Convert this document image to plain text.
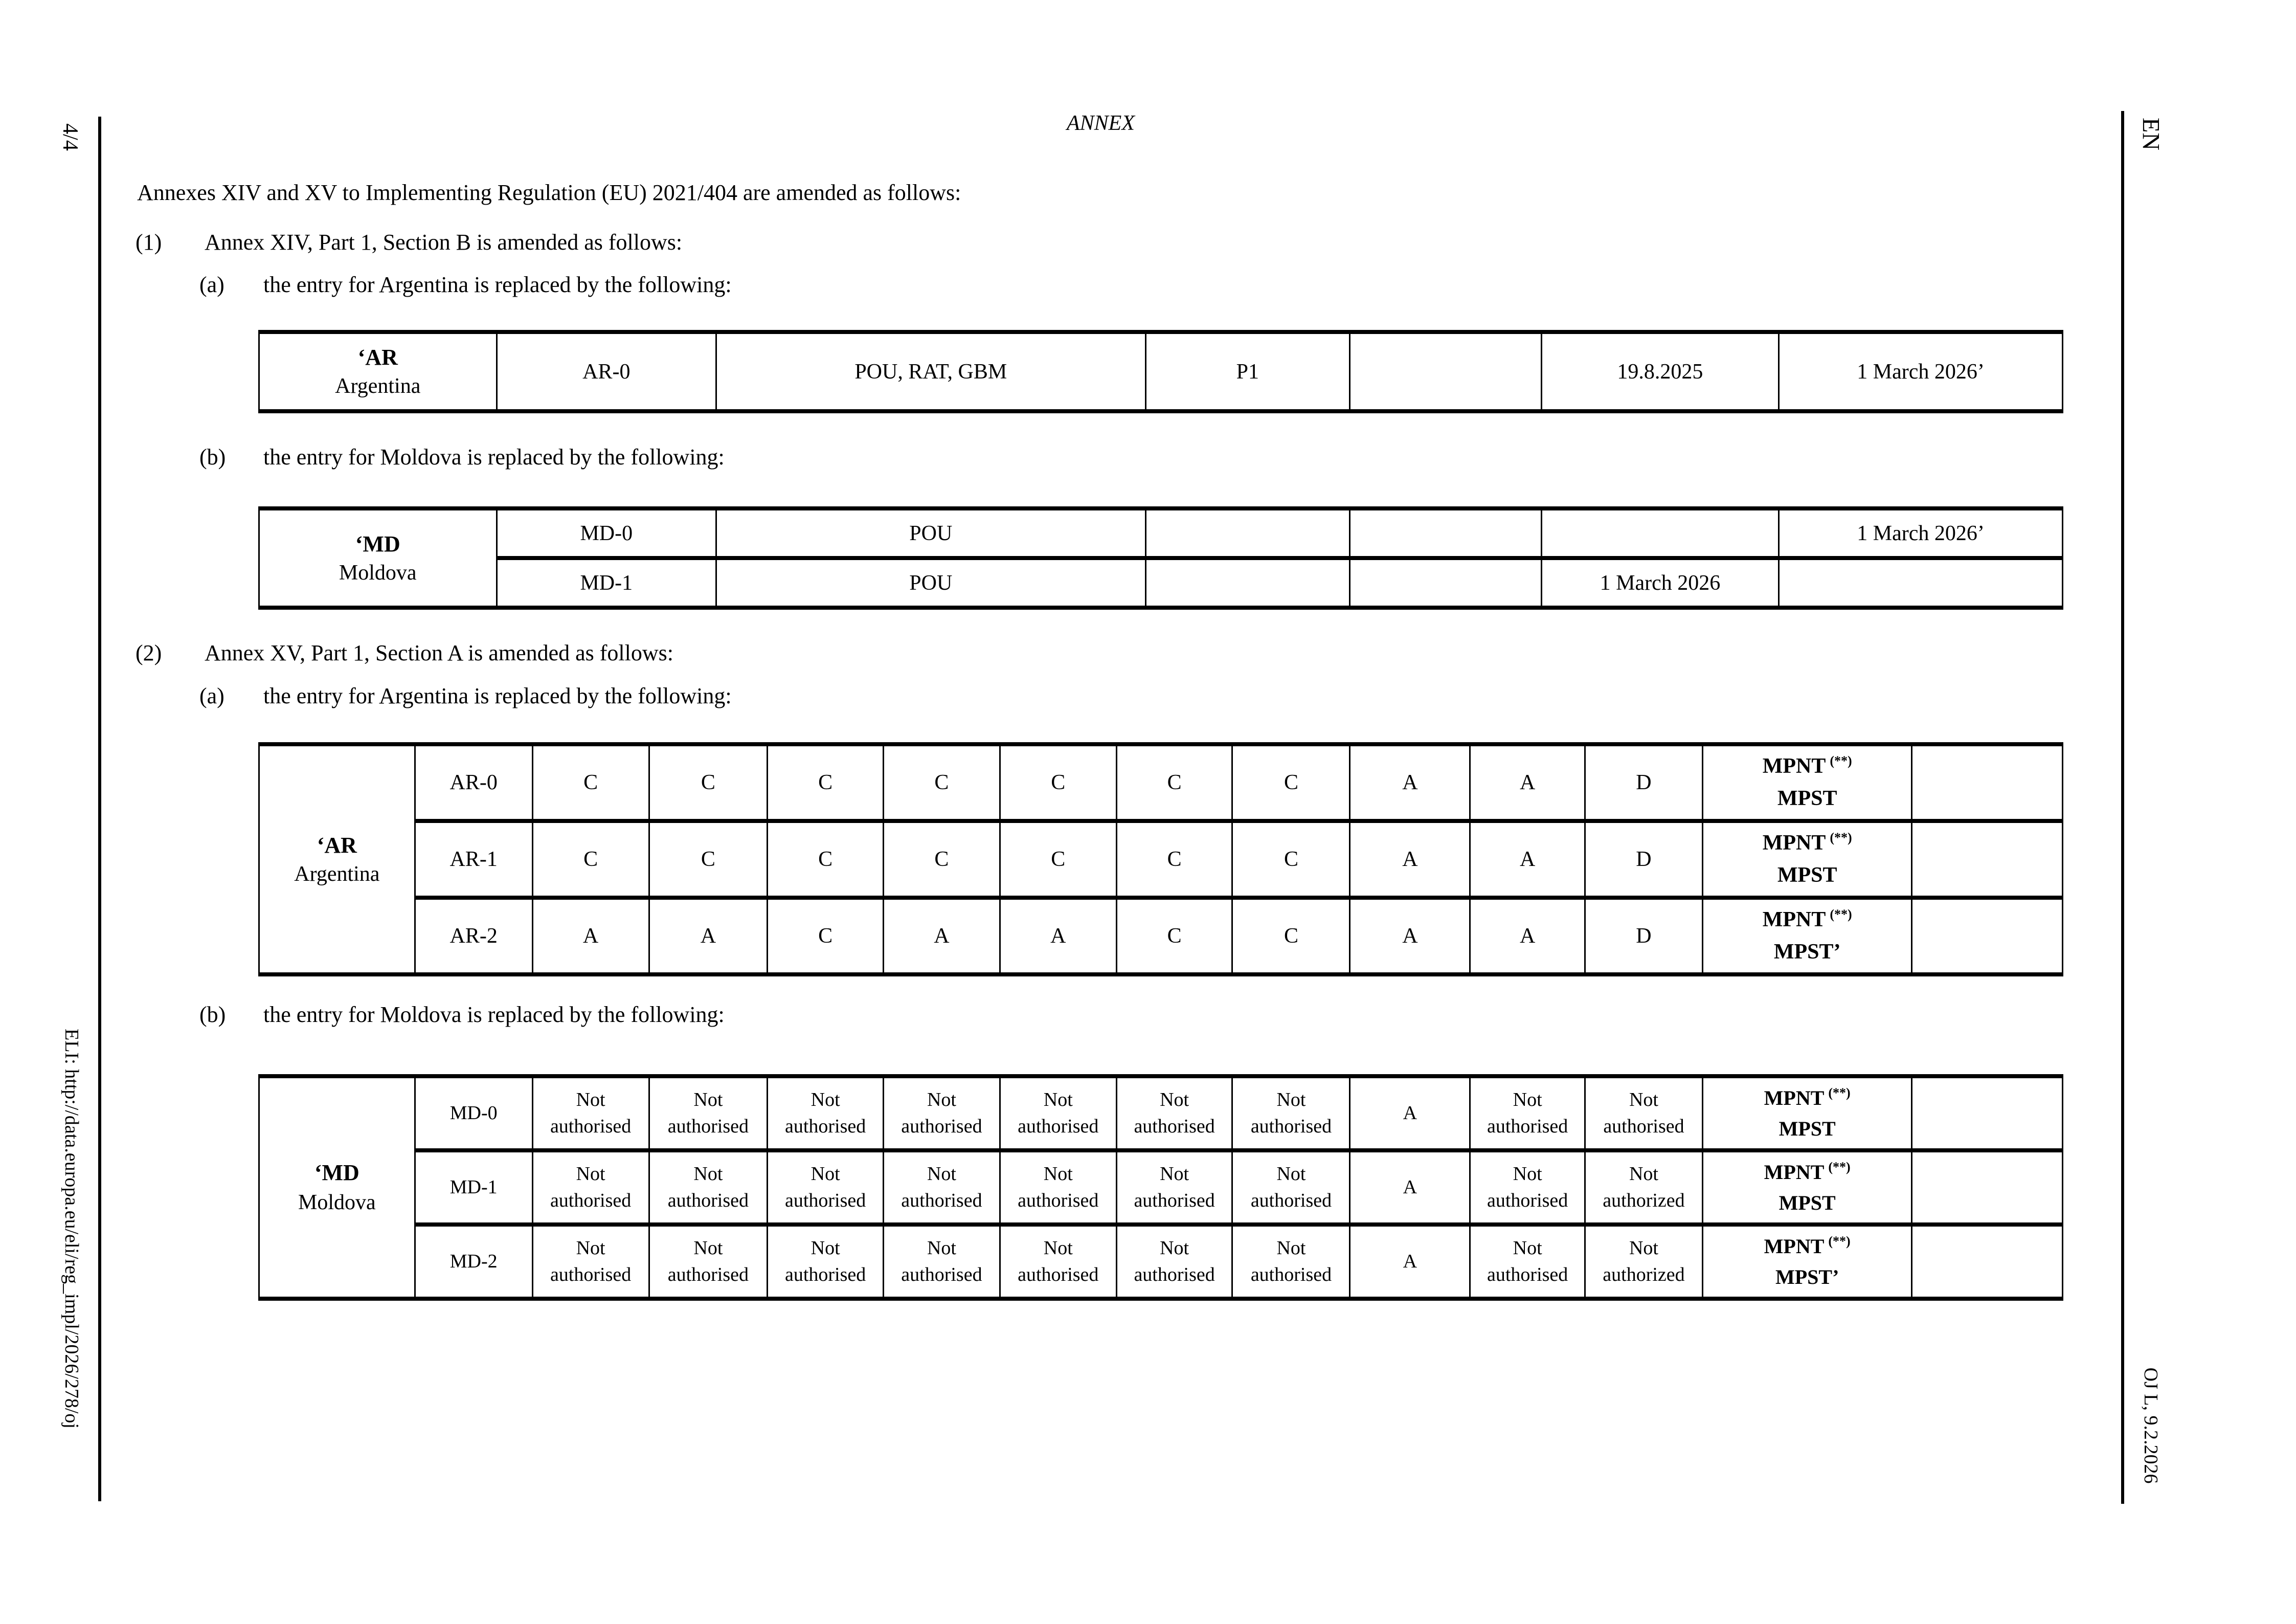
4/4	EN
ELI: http://data.europa.eu/eli/reg_impl/2026/278/oj	OJ L, 9.2.2026
ANNEX
Annexes XIV and XV to Implementing Regulation (EU) 2021/404 are amended as follows:
(1) Annex XIV, Part 1, Section B is amended as follows:
(a) the entry for Argentina is replaced by the following:
‘AR
Argentina	AR-0	POU, RAT, GBM	P1		19.8.2025	1 March 2026’
(b) the entry for Moldova is replaced by the following:
‘MD
Moldova	MD-0	POU				1 March 2026’
	MD-1	POU			1 March 2026	
(2) Annex XV, Part 1, Section A is amended as follows:
(a) the entry for Argentina is replaced by the following:
‘AR
Argentina	AR-0	C	C	C	C	C	C	C	A	A	D	MPNT (**)
MPST	
	AR-1	C	C	C	C	C	C	C	A	A	D	MPNT (**)
MPST	
	AR-2	A	A	C	A	A	C	C	A	A	D	MPNT (**)
MPST’	
(b) the entry for Moldova is replaced by the following:
‘MD
Moldova	MD-0	Not authorised	Not authorised	Not authorised	Not authorised	Not authorised	Not authorised	Not authorised	A	Not authorised	Not authorised	MPNT (**)
MPST	
	MD-1	Not authorised	Not authorised	Not authorised	Not authorised	Not authorised	Not authorised	Not authorised	A	Not authorised	Not authorized	MPNT (**)
MPST	
	MD-2	Not authorised	Not authorised	Not authorised	Not authorised	Not authorised	Not authorised	Not authorised	A	Not authorised	Not authorized	MPNT (**)
MPST’	
